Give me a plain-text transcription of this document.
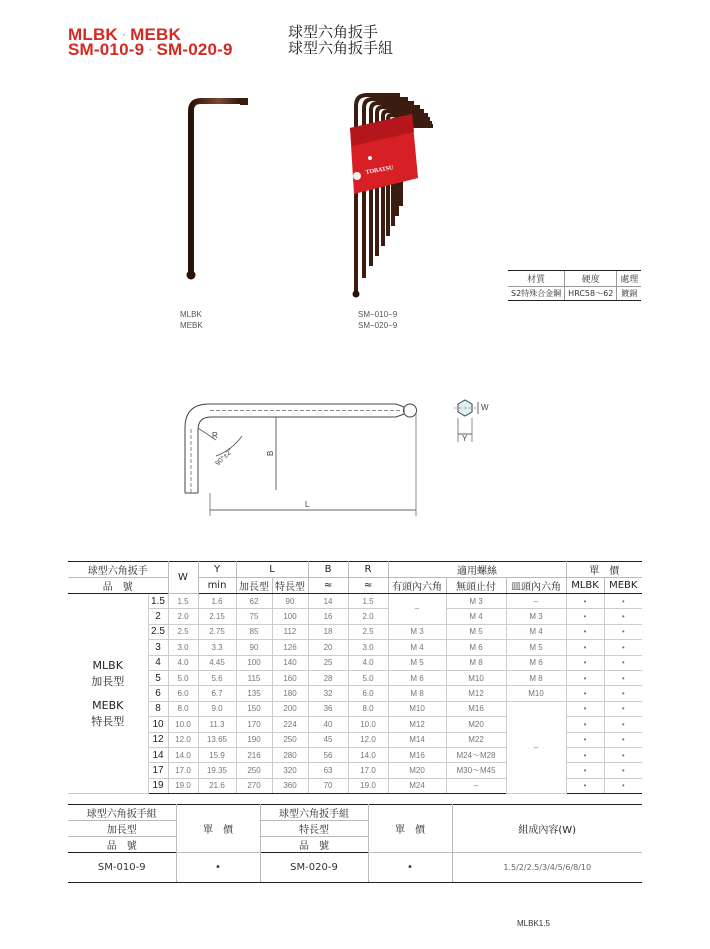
MLBK · MEBK
SM-010-9 · SM-020-9
球型六角扳手
球型六角扳手組
TOBATSU
MLBK
MEBK
SM−010−9
SM−020−9
材質	硬度	處理
S2特殊合金鋼	HRC58〜62	鍍銅
R
B
L
W
Y
90°±2°
球型六角扳手		W	Y	L		B	R	適用螺絲			單　價	
品　號			min	加長型	特長型	≈	≈	有頭內六角	無頭止付	皿頭內六角	MLBK	MEBK

MLBK
加長型
MEBK
特長型	1.5	1.5	1.6	62	90	14	1.5	–	M 3	–	•	•
	2	2.0	2.15	75	100	16	2.0		M 4	M 3	•	•
	2.5	2.5	2.75	85	112	18	2.5	M 3	M 5	M 4	•	•
	3	3.0	3.3	90	126	20	3.0	M 4	M 6	M 5	•	•
	4	4.0	4.45	100	140	25	4.0	M 5	M 8	M 6	•	•
	5	5.0	5.6	115	160	28	5.0	M 6	M10	M 8	•	•
	6	6.0	6.7	135	180	32	6.0	M 8	M12	M10	•	•
	8	8.0	9.0	150	200	36	8.0	M10	M16	–	•	•
	10	10.0	11.3	170	224	40	10.0	M12	M20		•	•
	12	12.0	13.65	190	250	45	12.0	M14	M22		•	•
	14	14.0	15.9	216	280	56	14.0	M16	M24〜M28		•	•
	17	17.0	19.35	250	320	63	17.0	M20	M30〜M45		•	•
	19	19.0	21.6	270	360	70	19.0	M24	–		•	•
球型六角扳手組	單　價	球型六角扳手組	單　價	組成內容(W)
加長型		特長型		
品　號		品　號		
SM-010-9	•	SM-020-9	•	1.5/2/2.5/3/4/5/6/8/10
MLBK1.5
